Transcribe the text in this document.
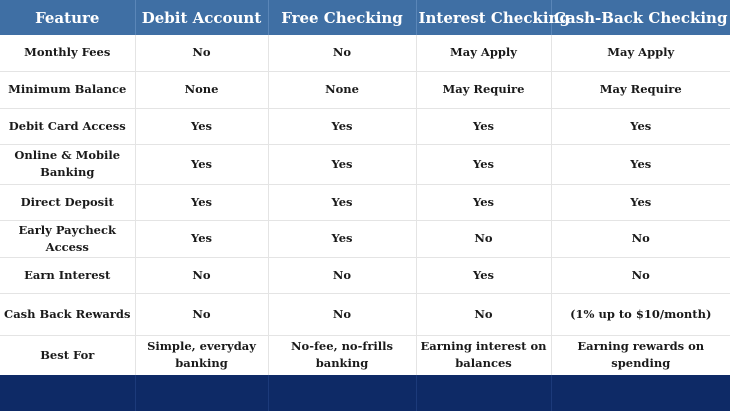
Feature	Debit Account	Free Checking	Interest Checking	Cash-Back Checking
Monthly Fees	No	No	May Apply	May Apply
Minimum Balance	None	None	May Require	May Require
Debit Card Access	Yes	Yes	Yes	Yes
Online & Mobile Banking	Yes	Yes	Yes	Yes
Direct Deposit	Yes	Yes	Yes	Yes
Early Paycheck Access	Yes	Yes	No	No
Earn Interest	No	No	Yes	No
Cash Back Rewards	No	No	No	(1% up to $10/month)
Best For	Simple, everyday banking	No-fee, no-frills banking	Earning interest on balances	Earning rewards on spending
